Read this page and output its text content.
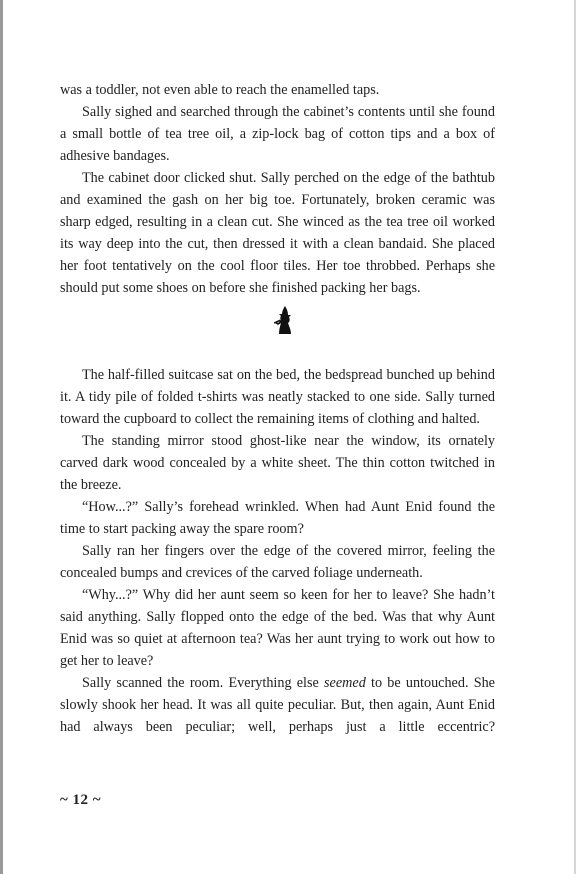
was a toddler, not even able to reach the enamelled taps.

Sally sighed and searched through the cabinet’s contents until she found a small bottle of tea tree oil, a zip-lock bag of cotton tips and a box of adhesive bandages.

The cabinet door clicked shut. Sally perched on the edge of the bathtub and examined the gash on her big toe. Fortunately, broken ceramic was sharp edged, resulting in a clean cut. She winced as the tea tree oil worked its way deep into the cut, then dressed it with a clean bandaid. She placed her foot tentatively on the cool floor tiles. Her toe throbbed. Perhaps she should put some shoes on before she finished packing her bags.

The half-filled suitcase sat on the bed, the bedspread bunched up behind it. A tidy pile of folded t-shirts was neatly stacked to one side. Sally turned toward the cupboard to collect the remaining items of clothing and halted.

The standing mirror stood ghost-like near the window, its ornately carved dark wood concealed by a white sheet. The thin cotton twitched in the breeze.

“How...?” Sally’s forehead wrinkled. When had Aunt Enid found the time to start packing away the spare room?

Sally ran her fingers over the edge of the covered mirror, feeling the concealed bumps and crevices of the carved foliage underneath.

“Why...?” Why did her aunt seem so keen for her to leave? She hadn’t said anything. Sally flopped onto the edge of the bed. Was that why Aunt Enid was so quiet at afternoon tea? Was her aunt trying to work out how to get her to leave?

Sally scanned the room. Everything else seemed to be untouched. She slowly shook her head. It was all quite peculiar. But, then again, Aunt Enid had always been peculiar; well, perhaps just a little eccentric?

~ 12 ~
